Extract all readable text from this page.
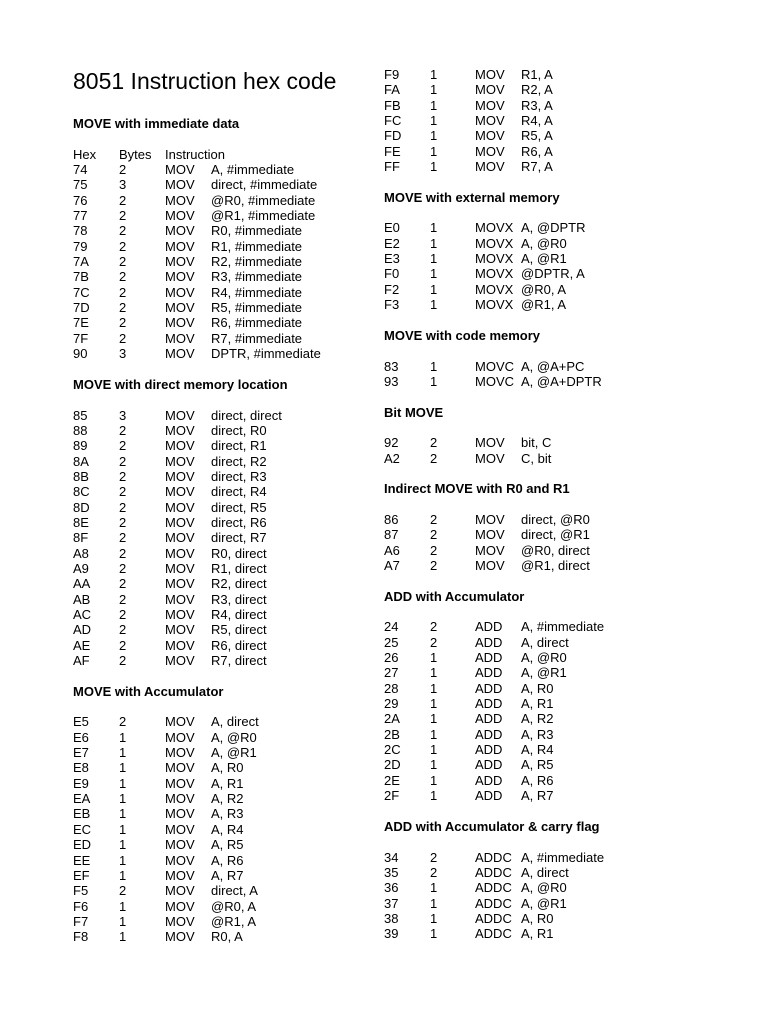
8051 Instruction hex code
MOVE with immediate data
Hex	Bytes	Instruction
74	2	MOV	A, #immediate
75	3	MOV	direct, #immediate
76	2	MOV	@R0, #immediate
77	2	MOV	@R1, #immediate
78	2	MOV	R0, #immediate
79	2	MOV	R1, #immediate
7A	2	MOV	R2, #immediate
7B	2	MOV	R3, #immediate
7C	2	MOV	R4, #immediate
7D	2	MOV	R5, #immediate
7E	2	MOV	R6, #immediate
7F	2	MOV	R7, #immediate
90	3	MOV	DPTR, #immediate
MOVE with direct memory location
85	3	MOV	direct, direct
88	2	MOV	direct, R0
89	2	MOV	direct, R1
8A	2	MOV	direct, R2
8B	2	MOV	direct, R3
8C	2	MOV	direct, R4
8D	2	MOV	direct, R5
8E	2	MOV	direct, R6
8F	2	MOV	direct, R7
A8	2	MOV	R0, direct
A9	2	MOV	R1, direct
AA	2	MOV	R2, direct
AB	2	MOV	R3, direct
AC	2	MOV	R4, direct
AD	2	MOV	R5, direct
AE	2	MOV	R6, direct
AF	2	MOV	R7, direct
MOVE with Accumulator
E5	2	MOV	A, direct
E6	1	MOV	A, @R0
E7	1	MOV	A, @R1
E8	1	MOV	A, R0
E9	1	MOV	A, R1
EA	1	MOV	A, R2
EB	1	MOV	A, R3
EC	1	MOV	A, R4
ED	1	MOV	A, R5
EE	1	MOV	A, R6
EF	1	MOV	A, R7
F5	2	MOV	direct, A
F6	1	MOV	@R0, A
F7	1	MOV	@R1, A
F8	1	MOV	R0, A
F9	1	MOV	R1, A
FA	1	MOV	R2, A
FB	1	MOV	R3, A
FC	1	MOV	R4, A
FD	1	MOV	R5, A
FE	1	MOV	R6, A
FF	1	MOV	R7, A
MOVE with external memory
E0	1	MOVX A, @DPTR
E2	1	MOVX A, @R0
E3	1	MOVX A, @R1
F0	1	MOVX @DPTR, A
F2	1	MOVX @R0, A
F3	1	MOVX @R1, A
MOVE with code memory
83	1	MOVC A, @A+PC
93	1	MOVC A, @A+DPTR
Bit MOVE
92	2	MOV	bit, C
A2	2	MOV	C, bit
Indirect MOVE with R0 and R1
86	2	MOV	direct, @R0
87	2	MOV	direct, @R1
A6	2	MOV	@R0, direct
A7	2	MOV	@R1, direct
ADD with Accumulator
24	2	ADD	A, #immediate
25	2	ADD	A, direct
26	1	ADD	A, @R0
27	1	ADD	A, @R1
28	1	ADD	A, R0
29	1	ADD	A, R1
2A	1	ADD	A, R2
2B	1	ADD	A, R3
2C	1	ADD	A, R4
2D	1	ADD	A, R5
2E	1	ADD	A, R6
2F	1	ADD	A, R7
ADD with Accumulator & carry flag
34	2	ADDC A, #immediate
35	2	ADDC A, direct
36	1	ADDC A, @R0
37	1	ADDC A, @R1
38	1	ADDC A, R0
39	1	ADDC A, R1
